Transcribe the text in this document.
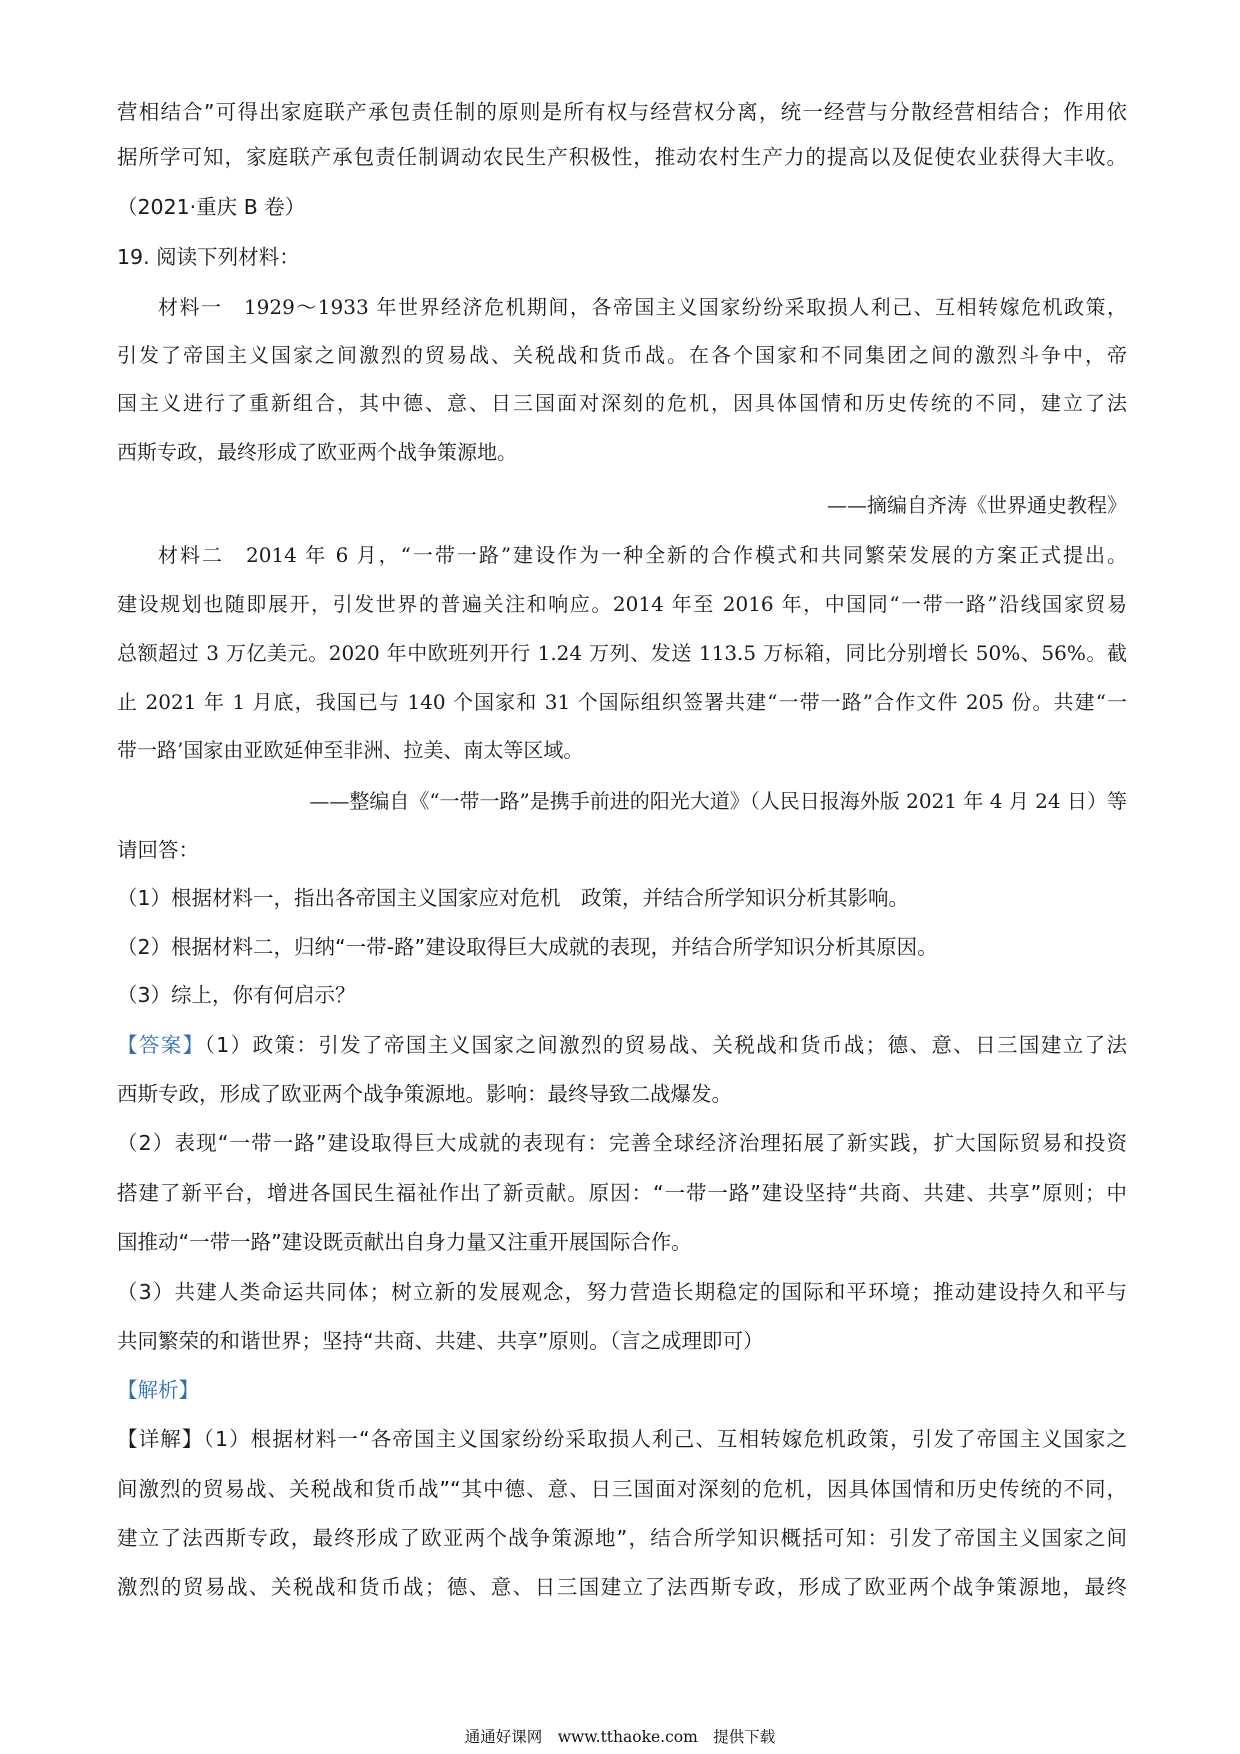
营相结合”可得出家庭联产承包责任制的原则是所有权与经营权分离，统一经营与分散经营相结合；作用依
据所学可知，家庭联产承包责任制调动农民生产积极性，推动农村生产力的提高以及促使农业获得大丰收。
（2021·重庆 B 卷）
19. 阅读下列材料：
材料一　1929～1933 年世界经济危机期间，各帝国主义国家纷纷采取损人利己、互相转嫁危机政策，
引发了帝国主义国家之间激烈的贸易战、关税战和货币战。在各个国家和不同集团之间的激烈斗争中，帝
国主义进行了重新组合，其中德、意、日三国面对深刻的危机，因具体国情和历史传统的不同，建立了法
西斯专政，最终形成了欧亚两个战争策源地。
——摘编自齐涛《世界通史教程》
材料二　2014 年 6 月，“一带一路”建设作为一种全新的合作模式和共同繁荣发展的方案正式提出。
建设规划也随即展开，引发世界的普遍关注和响应。2014 年至 2016 年，中国同“一带一路”沿线国家贸易
总额超过 3 万亿美元。2020 年中欧班列开行 1.24 万列、发送 113.5 万标箱，同比分别增长 50%、56%。截
止 2021 年 1 月底，我国已与 140 个国家和 31 个国际组织签署共建“一带一路”合作文件 205 份。共建“一
带一路’国家由亚欧延伸至非洲、拉美、南太等区域。
——整编自《“一带一路”是携手前进的阳光大道》（人民日报海外版 2021 年 4 月 24 日）等
请回答：
（1）根据材料一，指出各帝国主义国家应对危机　政策，并结合所学知识分析其影响。
（2）根据材料二，归纳“一带-路”建设取得巨大成就的表现，并结合所学知识分析其原因。
（3）综上，你有何启示？
【答案】（1）政策：引发了帝国主义国家之间激烈的贸易战、关税战和货币战；德、意、日三国建立了法
西斯专政，形成了欧亚两个战争策源地。影响：最终导致二战爆发。
（2）表现“一带一路”建设取得巨大成就的表现有：完善全球经济治理拓展了新实践，扩大国际贸易和投资
搭建了新平台，增进各国民生福祉作出了新贡献。原因：“一带一路”建设坚持“共商、共建、共享”原则；中
国推动“一带一路”建设既贡献出自身力量又注重开展国际合作。
（3）共建人类命运共同体；树立新的发展观念，努力营造长期稳定的国际和平环境；推动建设持久和平与
共同繁荣的和谐世界；坚持“共商、共建、共享”原则。（言之成理即可）
【解析】
【详解】（1）根据材料一“各帝国主义国家纷纷采取损人利己、互相转嫁危机政策，引发了帝国主义国家之
间激烈的贸易战、关税战和货币战”“其中德、意、日三国面对深刻的危机，因具体国情和历史传统的不同，
建立了法西斯专政，最终形成了欧亚两个战争策源地”，结合所学知识概括可知：引发了帝国主义国家之间
激烈的贸易战、关税战和货币战；德、意、日三国建立了法西斯专政，形成了欧亚两个战争策源地，最终
通通好课网　www.tthaoke.com　提供下载
